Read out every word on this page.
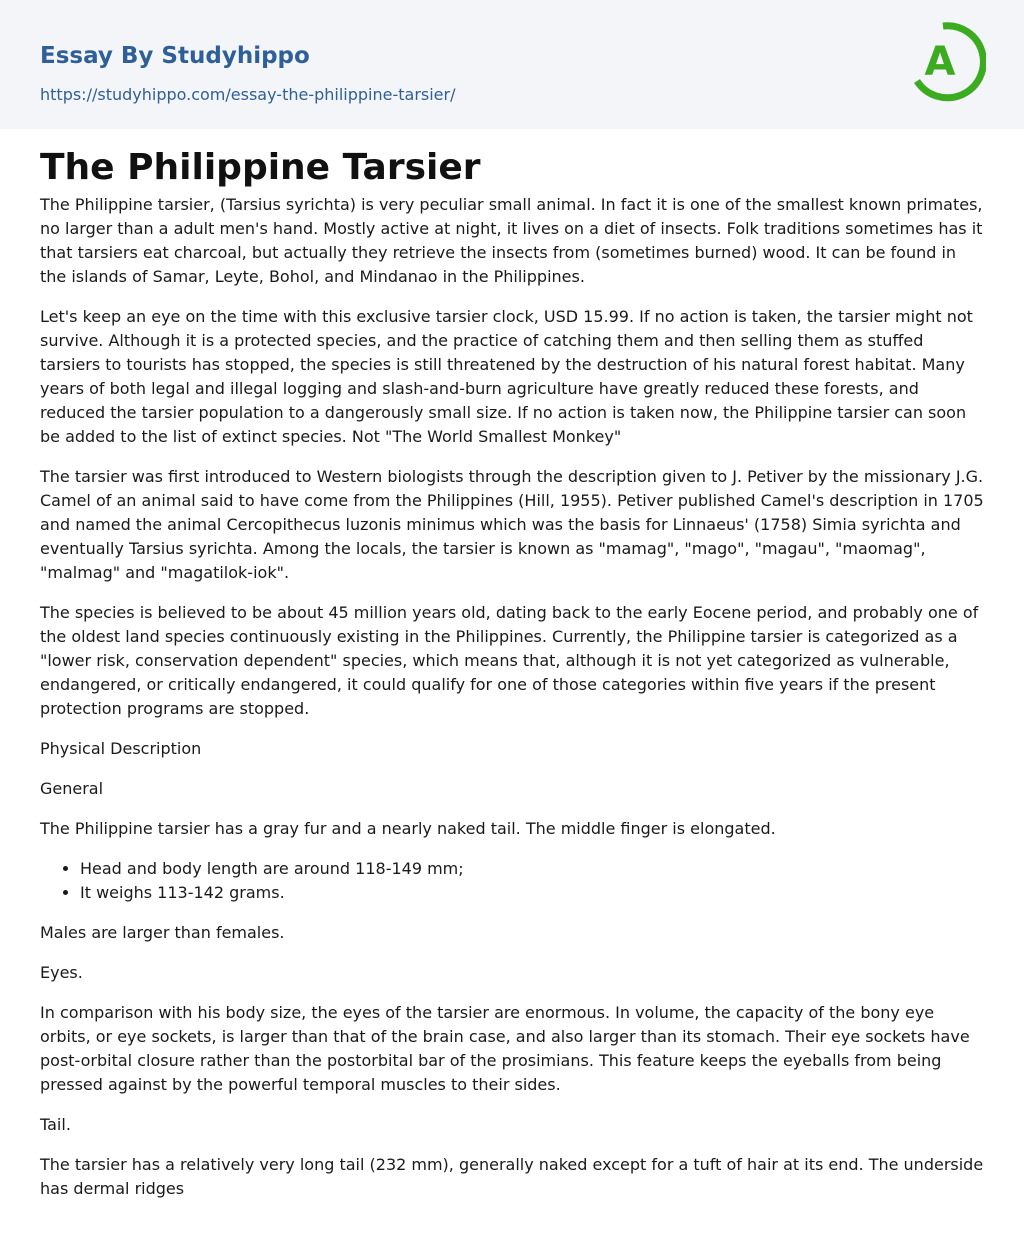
Essay By Studyhippo
https://studyhippo.com/essay-the-philippine-tarsier/
A
The Philippine Tarsier

The Philippine tarsier, (Tarsius syrichta) is very peculiar small animal. In fact it is one of the smallest known primates, no larger than a adult men's hand. Mostly active at night, it lives on a diet of insects. Folk traditions sometimes has it that tarsiers eat charcoal, but actually they retrieve the insects from (sometimes burned) wood. It can be found in the islands of Samar, Leyte, Bohol, and Mindanao in the Philippines.

Let's keep an eye on the time with this exclusive tarsier clock, USD 15.99. If no action is taken, the tarsier might not survive. Although it is a protected species, and the practice of catching them and then selling them as stuffed tarsiers to tourists has stopped, the species is still threatened by the destruction of his natural forest habitat. Many years of both legal and illegal logging and slash-and-burn agriculture have greatly reduced these forests, and reduced the tarsier population to a dangerously small size. If no action is taken now, the Philippine tarsier can soon be added to the list of extinct species. Not "The World Smallest Monkey"

The tarsier was first introduced to Western biologists through the description given to J. Petiver by the missionary J.G. Camel of an animal said to have come from the Philippines (Hill, 1955). Petiver published Camel's description in 1705 and named the animal Cercopithecus luzonis minimus which was the basis for Linnaeus' (1758) Simia syrichta and eventually Tarsius syrichta. Among the locals, the tarsier is known as "mamag", "mago", "magau", "maomag", "malmag" and "magatilok-iok".

The species is believed to be about 45 million years old, dating back to the early Eocene period, and probably one of the oldest land species continuously existing in the Philippines. Currently, the Philippine tarsier is categorized as a "lower risk, conservation dependent" species, which means that, although it is not yet categorized as vulnerable, endangered, or critically endangered, it could qualify for one of those categories within five years if the present protection programs are stopped.

Physical Description

General

The Philippine tarsier has a gray fur and a nearly naked tail. The middle finger is elongated.

• Head and body length are around 118-149 mm;
• It weighs 113-142 grams.

Males are larger than females.

Eyes.

In comparison with his body size, the eyes of the tarsier are enormous. In volume, the capacity of the bony eye orbits, or eye sockets, is larger than that of the brain case, and also larger than its stomach. Their eye sockets have post-orbital closure rather than the postorbital bar of the prosimians. This feature keeps the eyeballs from being pressed against by the powerful temporal muscles to their sides.

Tail.

The tarsier has a relatively very long tail (232 mm), generally naked except for a tuft of hair at its end. The underside has dermal ridges
